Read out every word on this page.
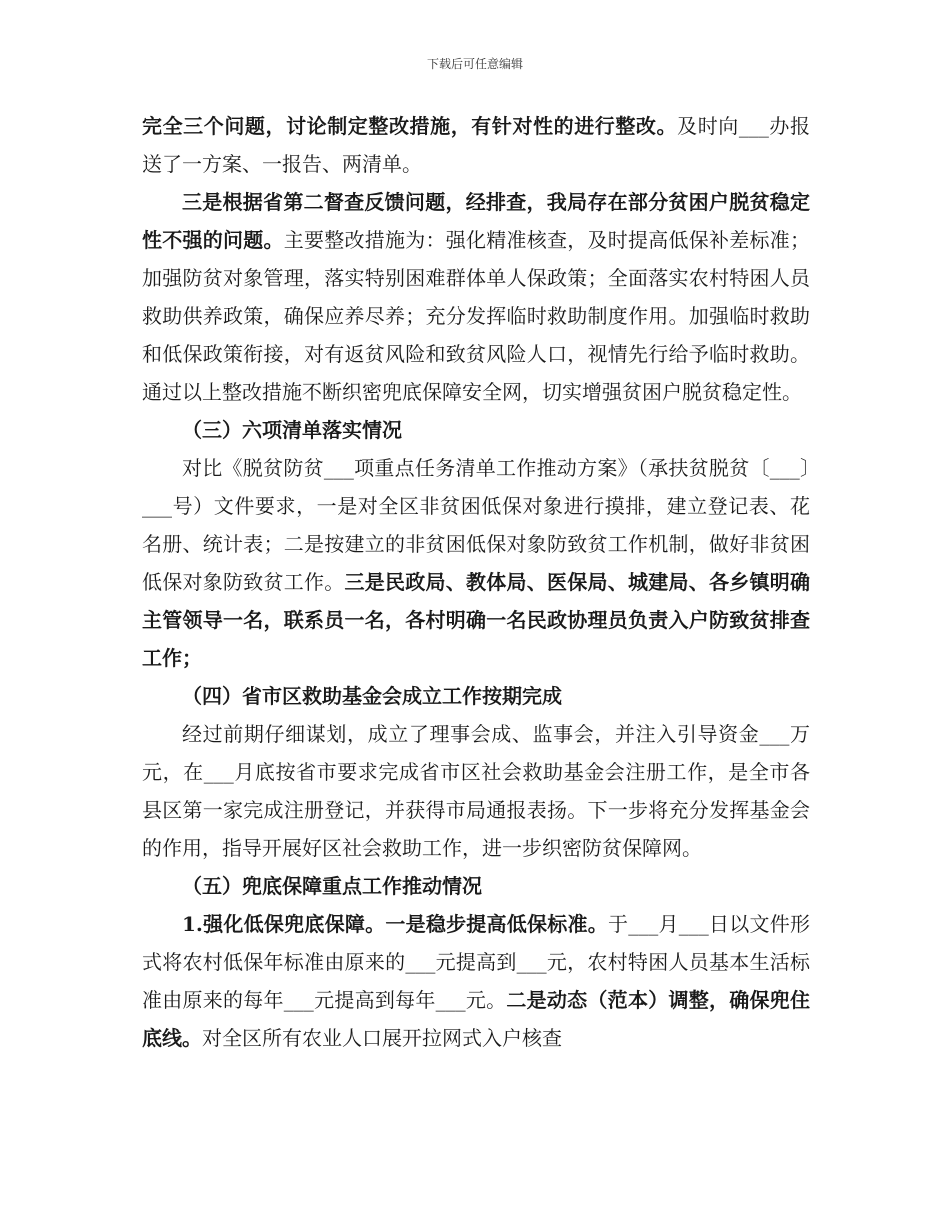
下载后可任意编辑

完全三个问题，讨论制定整改措施，有针对性的进行整改。及时向___办报送了一方案、一报告、两清单。

三是根据省第二督查反馈问题，经排查，我局存在部分贫困户脱贫稳定性不强的问题。主要整改措施为：强化精准核查，及时提高低保补差标准；加强防贫对象管理，落实特别困难群体单人保政策；全面落实农村特困人员救助供养政策，确保应养尽养；充分发挥临时救助制度作用。加强临时救助和低保政策衔接，对有返贫风险和致贫风险人口，视情先行给予临时救助。通过以上整改措施不断织密兜底保障安全网，切实增强贫困户脱贫稳定性。

（三）六项清单落实情况

对比《脱贫防贫___项重点任务清单工作推动方案》（承扶贫脱贫〔___〕___号）文件要求，一是对全区非贫困低保对象进行摸排，建立登记表、花名册、统计表；二是按建立的非贫困低保对象防致贫工作机制，做好非贫困低保对象防致贫工作。三是民政局、教体局、医保局、城建局、各乡镇明确主管领导一名，联系员一名，各村明确一名民政协理员负责入户防致贫排查工作；

（四）省市区救助基金会成立工作按期完成

经过前期仔细谋划，成立了理事会成、监事会，并注入引导资金___万元，在___月底按省市要求完成省市区社会救助基金会注册工作，是全市各县区第一家完成注册登记，并获得市局通报表扬。下一步将充分发挥基金会的作用，指导开展好区社会救助工作，进一步织密防贫保障网。

（五）兜底保障重点工作推动情况

1.强化低保兜底保障。一是稳步提高低保标准。于___月___日以文件形式将农村低保年标准由原来的___元提高到___元，农村特困人员基本生活标准由原来的每年___元提高到每年___元。二是动态（范本）调整，确保兜住底线。对全区所有农业人口展开拉网式入户核查
